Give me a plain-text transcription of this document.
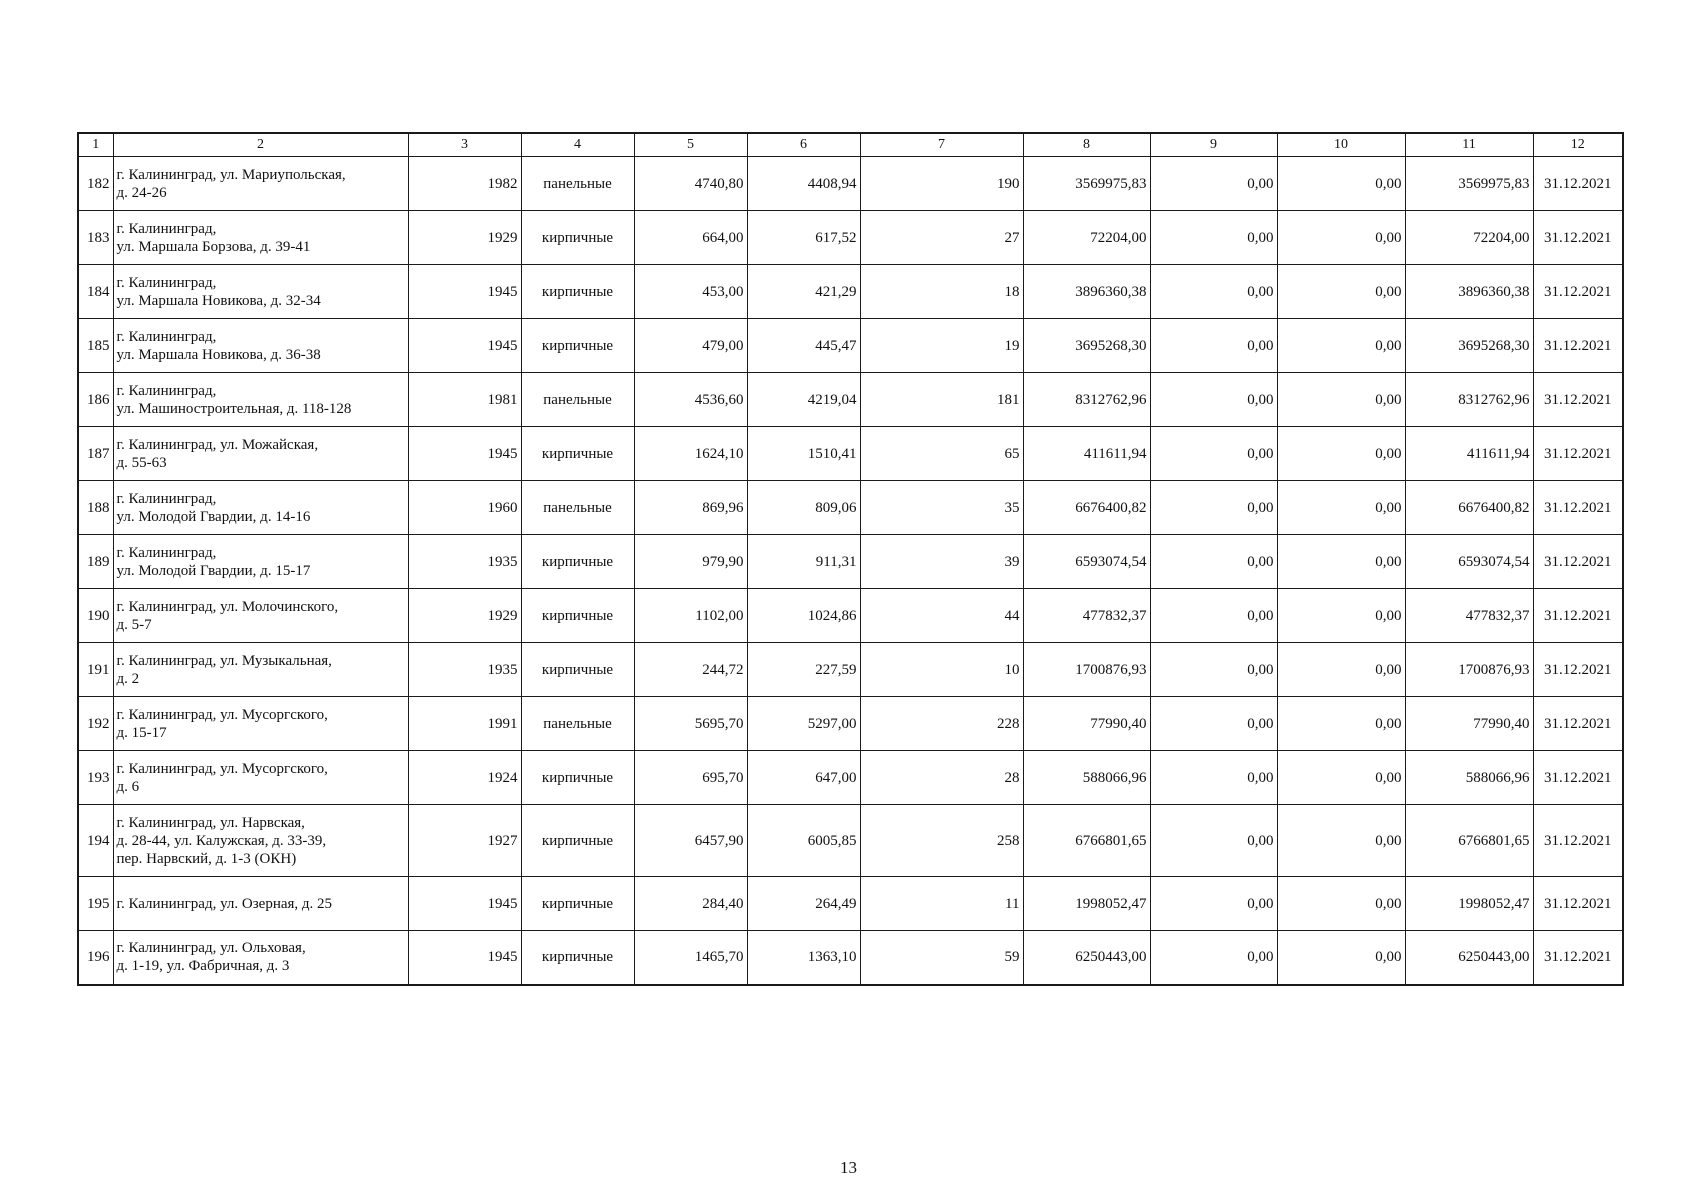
1	2	3	4	5	6	7	8	9	10	11	12
182	г. Калининград, ул. Мариупольская,
д. 24-26	1982	панельные	4740,80	4408,94	190	3569975,83	0,00	0,00	3569975,83	31.12.2021
183	г. Калининград,
ул. Маршала Борзова, д. 39-41	1929	кирпичные	664,00	617,52	27	72204,00	0,00	0,00	72204,00	31.12.2021
184	г. Калининград,
ул. Маршала Новикова, д. 32-34	1945	кирпичные	453,00	421,29	18	3896360,38	0,00	0,00	3896360,38	31.12.2021
185	г. Калининград,
ул. Маршала Новикова, д. 36-38	1945	кирпичные	479,00	445,47	19	3695268,30	0,00	0,00	3695268,30	31.12.2021
186	г. Калининград,
ул. Машиностроительная, д. 118-128	1981	панельные	4536,60	4219,04	181	8312762,96	0,00	0,00	8312762,96	31.12.2021
187	г. Калининград, ул. Можайская,
д. 55-63	1945	кирпичные	1624,10	1510,41	65	411611,94	0,00	0,00	411611,94	31.12.2021
188	г. Калининград,
ул. Молодой Гвардии, д. 14-16	1960	панельные	869,96	809,06	35	6676400,82	0,00	0,00	6676400,82	31.12.2021
189	г. Калининград,
ул. Молодой Гвардии, д. 15-17	1935	кирпичные	979,90	911,31	39	6593074,54	0,00	0,00	6593074,54	31.12.2021
190	г. Калининград, ул. Молочинского,
д. 5-7	1929	кирпичные	1102,00	1024,86	44	477832,37	0,00	0,00	477832,37	31.12.2021
191	г. Калининград, ул. Музыкальная,
д. 2	1935	кирпичные	244,72	227,59	10	1700876,93	0,00	0,00	1700876,93	31.12.2021
192	г. Калининград, ул. Мусоргского,
д. 15-17	1991	панельные	5695,70	5297,00	228	77990,40	0,00	0,00	77990,40	31.12.2021
193	г. Калининград, ул. Мусоргского,
д. 6	1924	кирпичные	695,70	647,00	28	588066,96	0,00	0,00	588066,96	31.12.2021
194	г. Калининград, ул. Нарвская,
д. 28-44, ул. Калужская, д. 33-39,
пер. Нарвский, д. 1-3 (ОКН)	1927	кирпичные	6457,90	6005,85	258	6766801,65	0,00	0,00	6766801,65	31.12.2021
195	г. Калининград, ул. Озерная, д. 25	1945	кирпичные	284,40	264,49	11	1998052,47	0,00	0,00	1998052,47	31.12.2021
196	г. Калининград, ул. Ольховая,
д. 1-19, ул. Фабричная, д. 3	1945	кирпичные	1465,70	1363,10	59	6250443,00	0,00	0,00	6250443,00	31.12.2021
13
